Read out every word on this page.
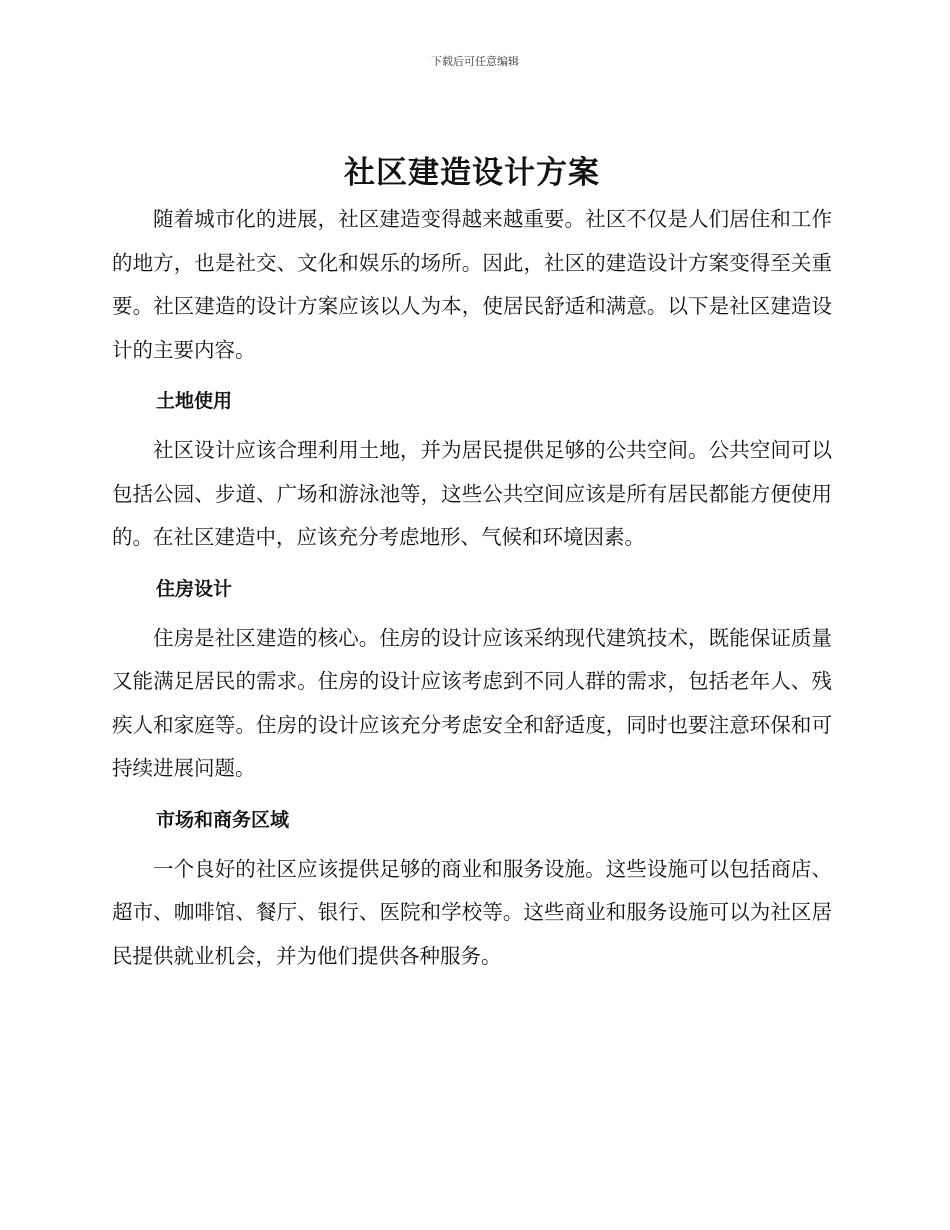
下载后可任意编辑
社区建造设计方案

随着城市化的进展，社区建造变得越来越重要。社区不仅是人们居住和工作的地方，也是社交、文化和娱乐的场所。因此，社区的建造设计方案变得至关重要。社区建造的设计方案应该以人为本，使居民舒适和满意。以下是社区建造设计的主要内容。

土地使用

社区设计应该合理利用土地，并为居民提供足够的公共空间。公共空间可以包括公园、步道、广场和游泳池等，这些公共空间应该是所有居民都能方便使用的。在社区建造中，应该充分考虑地形、气候和环境因素。

住房设计

住房是社区建造的核心。住房的设计应该采纳现代建筑技术，既能保证质量又能满足居民的需求。住房的设计应该考虑到不同人群的需求，包括老年人、残疾人和家庭等。住房的设计应该充分考虑安全和舒适度，同时也要注意环保和可持续进展问题。

市场和商务区域

一个良好的社区应该提供足够的商业和服务设施。这些设施可以包括商店、超市、咖啡馆、餐厅、银行、医院和学校等。这些商业和服务设施可以为社区居民提供就业机会，并为他们提供各种服务。
